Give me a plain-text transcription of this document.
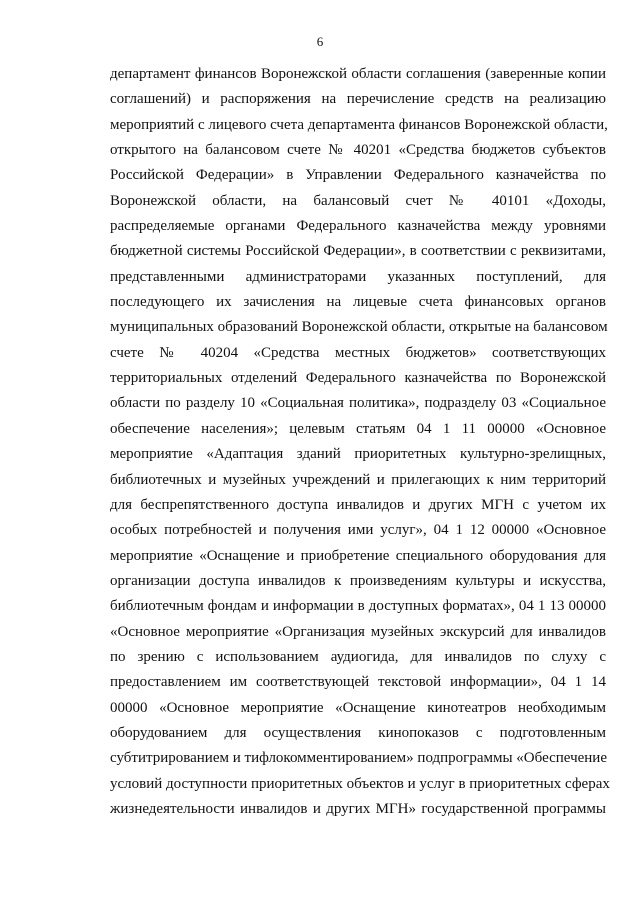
6
департамент финансов Воронежской области соглашения (заверенные копии
соглашений) и распоряжения на перечисление средств на реализацию
мероприятий с лицевого счета департамента финансов Воронежской области,
открытого на балансовом счете № 40201 «Средства бюджетов субъектов
Российской Федерации» в Управлении Федерального казначейства по
Воронежской области, на балансовый счет № 40101 «Доходы,
распределяемые органами Федерального казначейства между уровнями
бюджетной системы Российской Федерации», в соответствии с реквизитами,
представленными администраторами указанных поступлений, для
последующего их зачисления на лицевые счета финансовых органов
муниципальных образований Воронежской области, открытые на балансовом
счете № 40204 «Средства местных бюджетов» соответствующих
территориальных отделений Федерального казначейства по Воронежской
области по разделу 10 «Социальная политика», подразделу 03 «Социальное
обеспечение населения»; целевым статьям 04 1 11 00000 «Основное
мероприятие «Адаптация зданий приоритетных культурно-зрелищных,
библиотечных и музейных учреждений и прилегающих к ним территорий
для беспрепятственного доступа инвалидов и других МГН с учетом их
особых потребностей и получения ими услуг», 04 1 12 00000 «Основное
мероприятие «Оснащение и приобретение специального оборудования для
организации доступа инвалидов к произведениям культуры и искусства,
библиотечным фондам и информации в доступных форматах», 04 1 13 00000
«Основное мероприятие «Организация музейных экскурсий для инвалидов
по зрению с использованием аудиогида, для инвалидов по слуху с
предоставлением им соответствующей текстовой информации», 04 1 14
00000 «Основное мероприятие «Оснащение кинотеатров необходимым
оборудованием для осуществления кинопоказов с подготовленным
субтитрированием и тифлокомментированием» подпрограммы «Обеспечение
условий доступности приоритетных объектов и услуг в приоритетных сферах
жизнедеятельности инвалидов и других МГН» государственной программы
